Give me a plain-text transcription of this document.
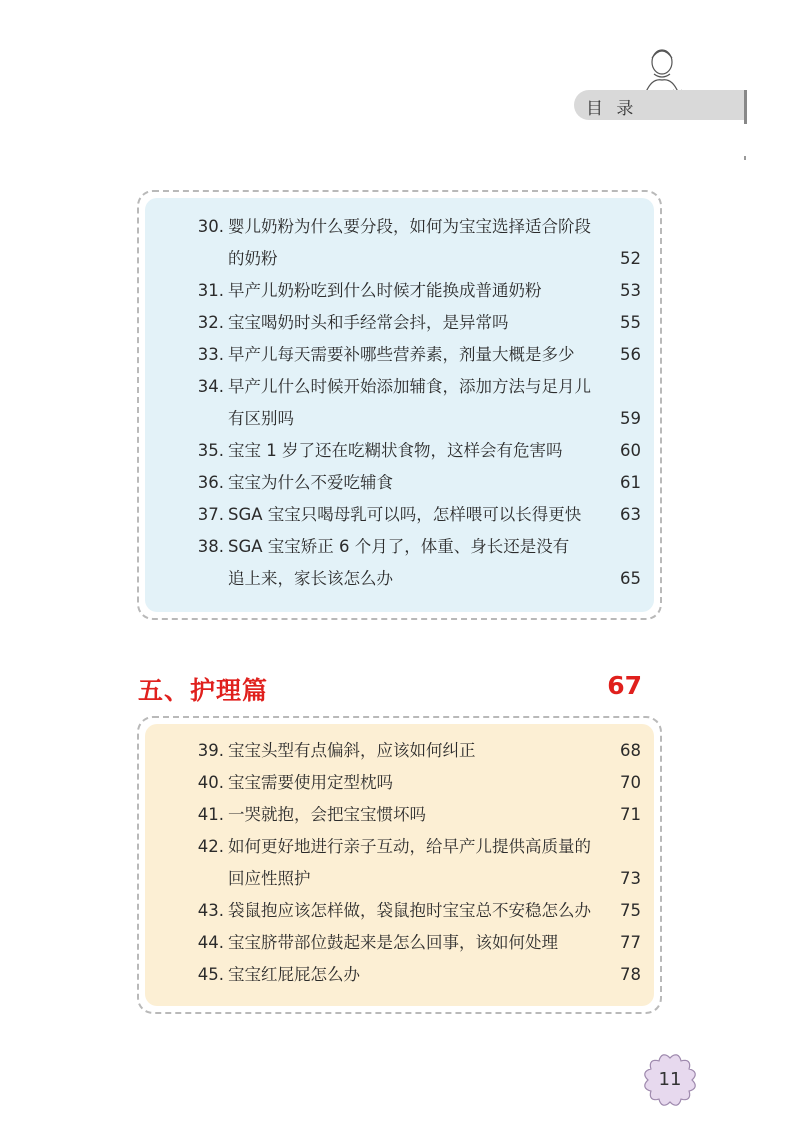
目 录
30. 婴儿奶粉为什么要分段，如何为宝宝选择适合阶段
的奶粉	52
31. 早产儿奶粉吃到什么时候才能换成普通奶粉	53
32. 宝宝喝奶时头和手经常会抖，是异常吗	55
33. 早产儿每天需要补哪些营养素，剂量大概是多少	56
34. 早产儿什么时候开始添加辅食，添加方法与足月儿
有区别吗	59
35. 宝宝 1 岁了还在吃糊状食物，这样会有危害吗	60
36. 宝宝为什么不爱吃辅食	61
37. SGA 宝宝只喝母乳可以吗，怎样喂可以长得更快 63
38. SGA 宝宝矫正 6 个月了，体重、身长还是没有
追上来，家长该怎么办	65
五、护理篇	67
39. 宝宝头型有点偏斜，应该如何纠正	68
40. 宝宝需要使用定型枕吗	70
41. 一哭就抱，会把宝宝惯坏吗	71
42. 如何更好地进行亲子互动，给早产儿提供高质量的
回应性照护	73
43. 袋鼠抱应该怎样做，袋鼠抱时宝宝总不安稳怎么办 75
44. 宝宝脐带部位鼓起来是怎么回事，该如何处理	77
45. 宝宝红屁屁怎么办	78
11
